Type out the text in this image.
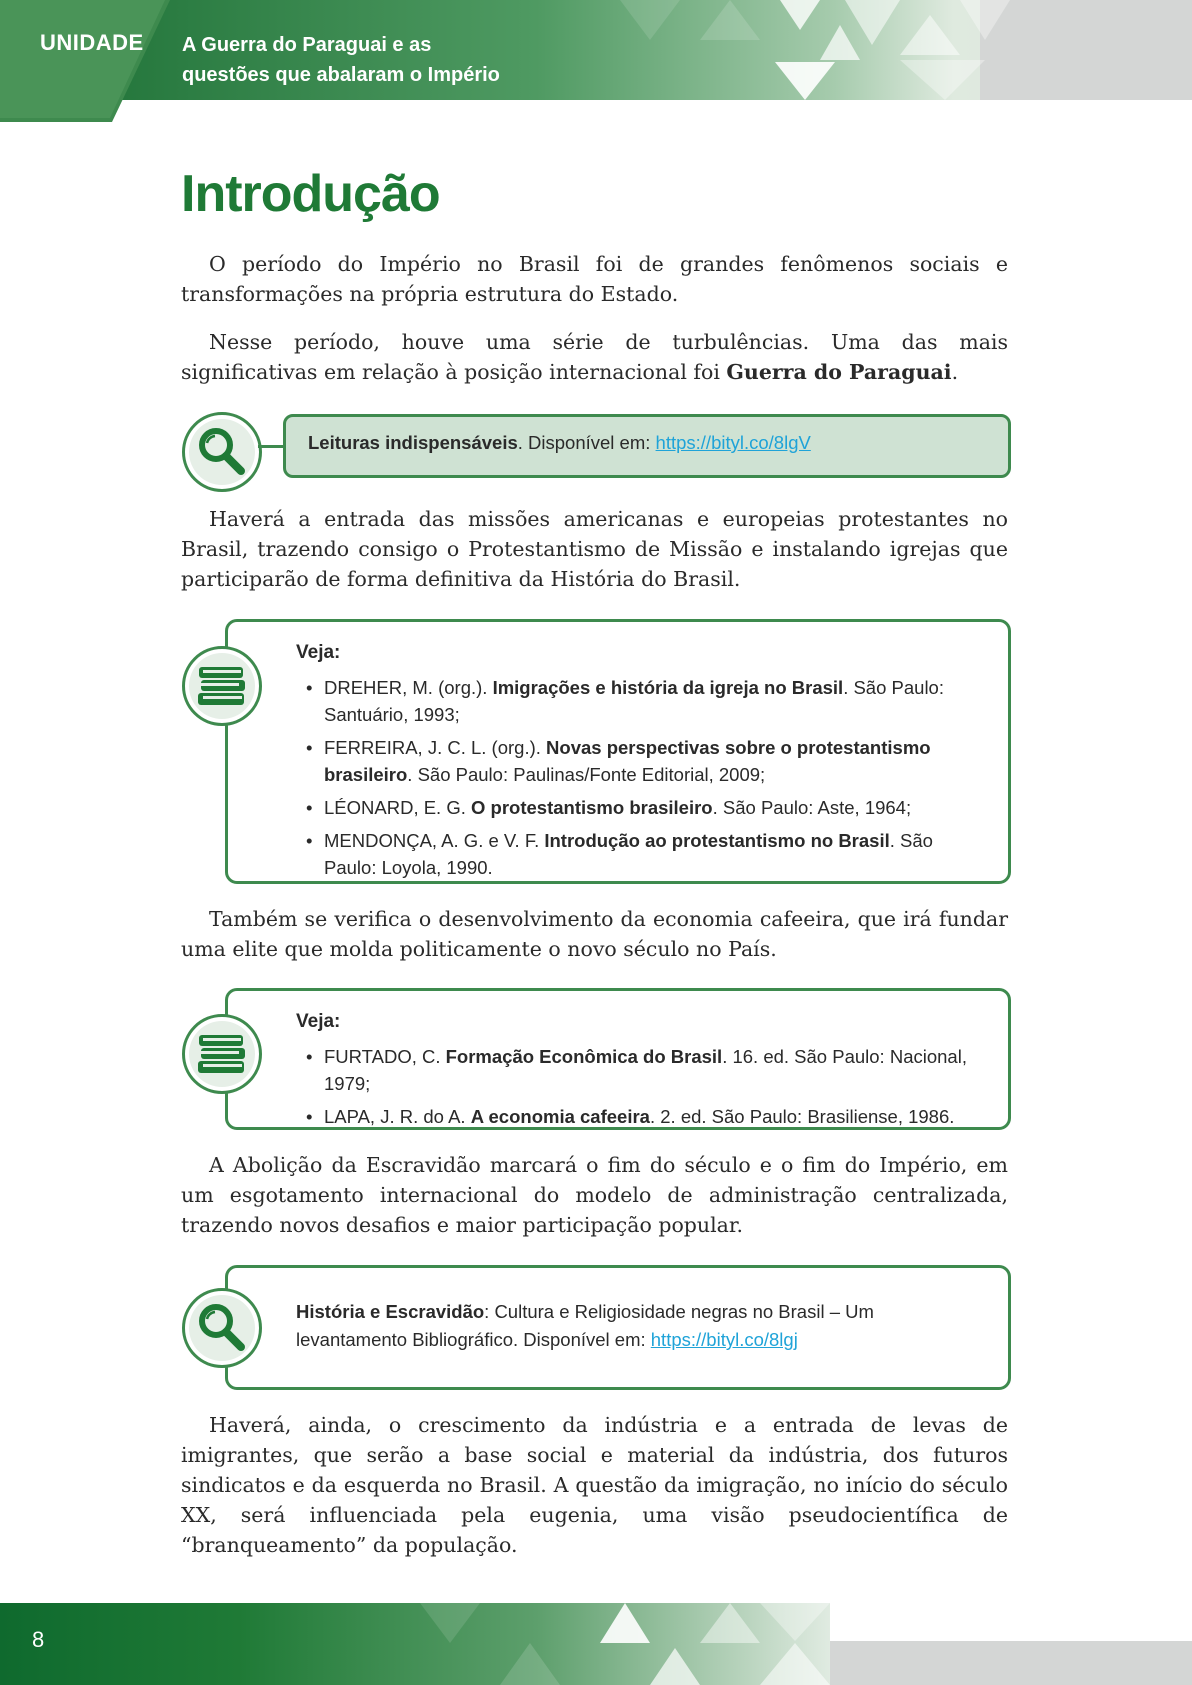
UNIDADE A Guerra do Paraguai e as questões que abalaram o Império
Introdução

O período do Império no Brasil foi de grandes fenômenos sociais e transformações na própria estrutura do Estado.

Nesse período, houve uma série de turbulências. Uma das mais significativas em relação à posição internacional foi Guerra do Paraguai.

Leituras indispensáveis. Disponível em: https://bityl.co/8lgV

Haverá a entrada das missões americanas e europeias protestantes no Brasil, trazendo consigo o Protestantismo de Missão e instalando igrejas que participarão de forma definitiva da História do Brasil.

Veja:
• DREHER, M. (org.). Imigrações e história da igreja no Brasil. São Paulo: Santuário, 1993;
• FERREIRA, J. C. L. (org.). Novas perspectivas sobre o protestantismo brasileiro. São Paulo: Paulinas/Fonte Editorial, 2009;
• LÉONARD, E. G. O protestantismo brasileiro. São Paulo: Aste, 1964;
• MENDONÇA, A. G. e V. F. Introdução ao protestantismo no Brasil. São Paulo: Loyola, 1990.

Também se verifica o desenvolvimento da economia cafeeira, que irá fundar uma elite que molda politicamente o novo século no País.

Veja:
• FURTADO, C. Formação Econômica do Brasil. 16. ed. São Paulo: Nacional, 1979;
• LAPA, J. R. do A. A economia cafeeira. 2. ed. São Paulo: Brasiliense, 1986.

A Abolição da Escravidão marcará o fim do século e o fim do Império, em um esgotamento internacional do modelo de administração centralizada, trazendo novos desafios e maior participação popular.

História e Escravidão: Cultura e Religiosidade negras no Brasil – Um levantamento Bibliográfico. Disponível em: https://bityl.co/8lgj

Haverá, ainda, o crescimento da indústria e a entrada de levas de imigrantes, que serão a base social e material da indústria, dos futuros sindicatos e da esquerda no Brasil. A questão da imigração, no início do século XX, será influenciada pela eugenia, uma visão pseudocientífica de “branqueamento” da população.

8
